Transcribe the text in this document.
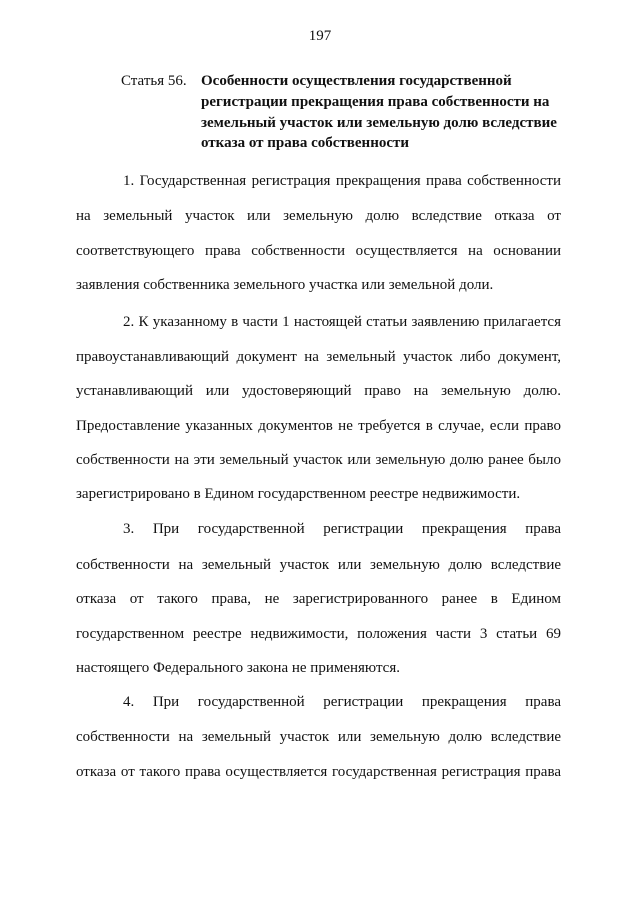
197
Статья 56. Особенности осуществления государственной
регистрации прекращения права собственности на
земельный участок или земельную долю вследствие
отказа от права собственности
1. Государственная регистрация прекращения права собственности
на земельный участок или земельную долю вследствие отказа от
соответствующего права собственности осуществляется на основании
заявления собственника земельного участка или земельной доли.
2. К указанному в части 1 настоящей статьи заявлению прилагается
правоустанавливающий документ на земельный участок либо документ,
устанавливающий или удостоверяющий право на земельную долю.
Предоставление указанных документов не требуется в случае, если право
собственности на эти земельный участок или земельную долю ранее было
зарегистрировано в Едином государственном реестре недвижимости.
3. При государственной регистрации прекращения права
собственности на земельный участок или земельную долю вследствие
отказа от такого права, не зарегистрированного ранее в Едином
государственном реестре недвижимости, положения части 3 статьи 69
настоящего Федерального закона не применяются.
4. При государственной регистрации прекращения права
собственности на земельный участок или земельную долю вследствие
отказа от такого права осуществляется государственная регистрация права
